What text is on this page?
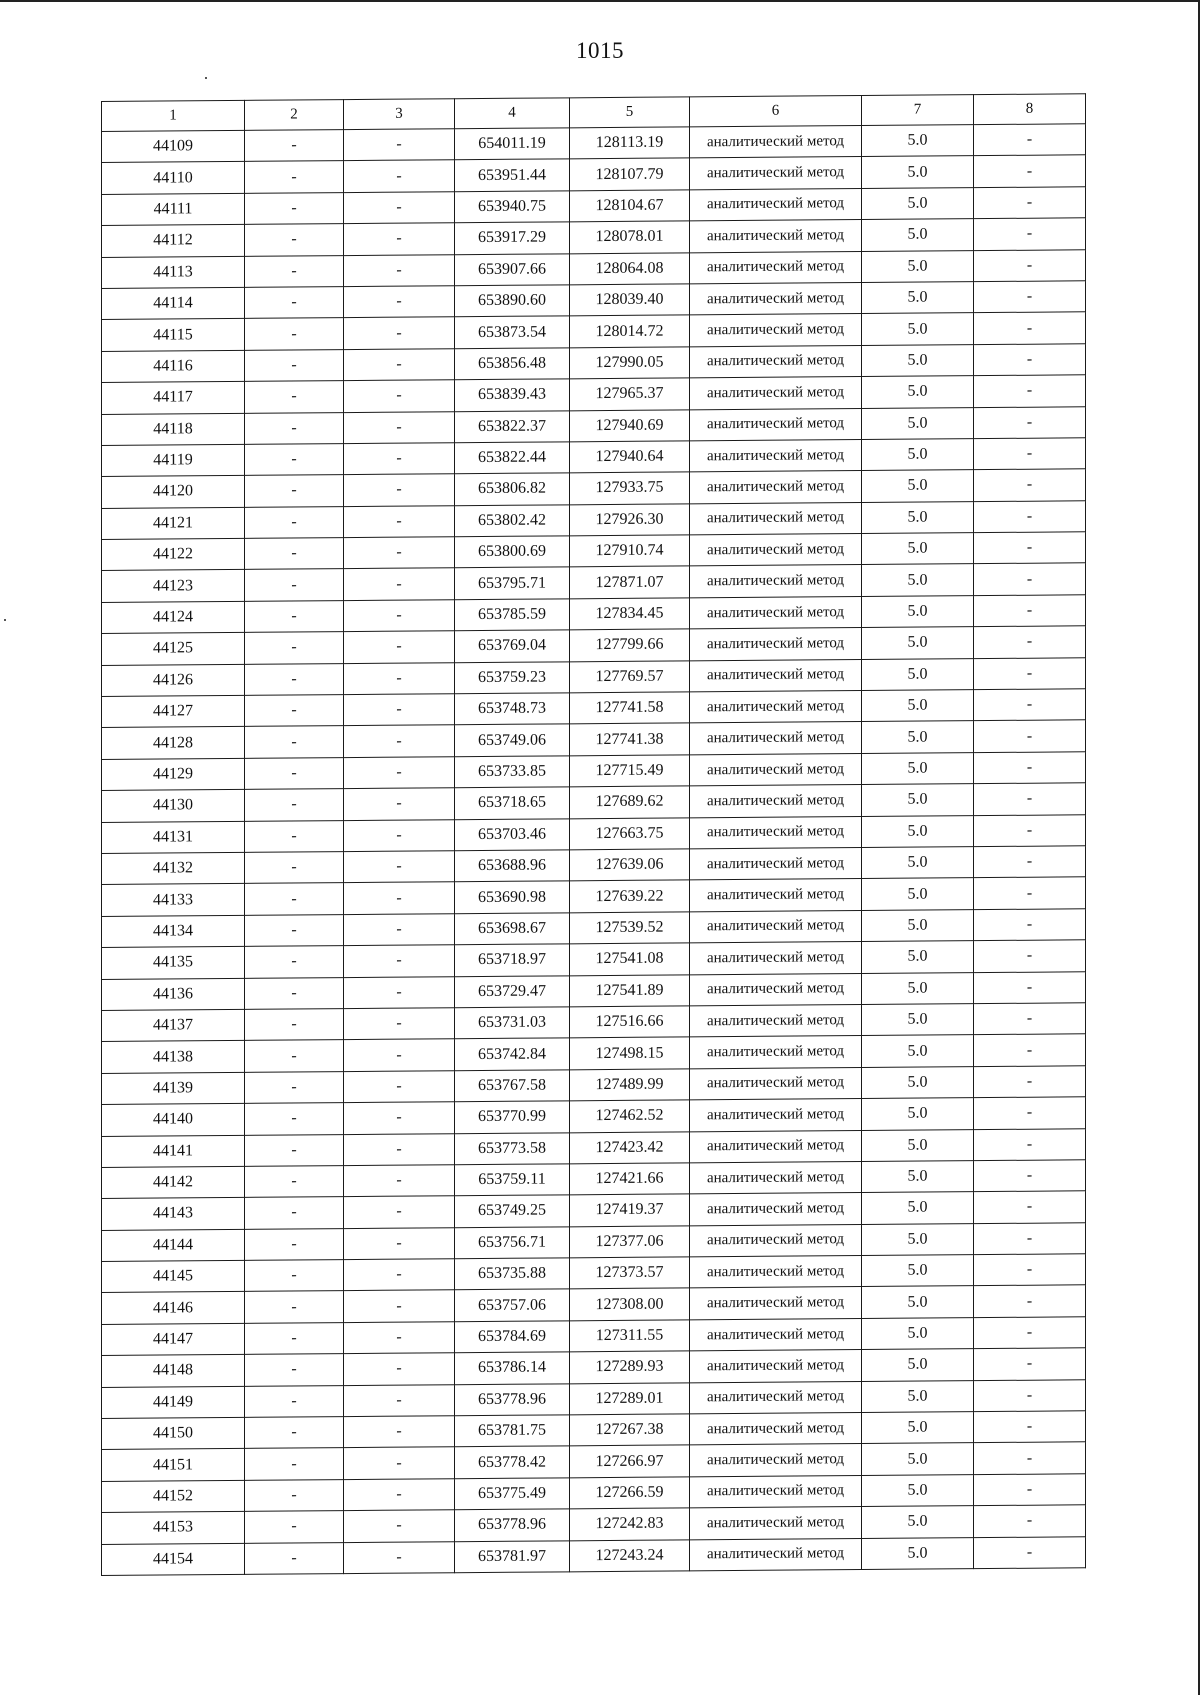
1015
1	2	3	4	5	6	7	8
44109	-	-	654011.19	128113.19	аналитический метод	5.0	-
44110	-	-	653951.44	128107.79	аналитический метод	5.0	-
44111	-	-	653940.75	128104.67	аналитический метод	5.0	-
44112	-	-	653917.29	128078.01	аналитический метод	5.0	-
44113	-	-	653907.66	128064.08	аналитический метод	5.0	-
44114	-	-	653890.60	128039.40	аналитический метод	5.0	-
44115	-	-	653873.54	128014.72	аналитический метод	5.0	-
44116	-	-	653856.48	127990.05	аналитический метод	5.0	-
44117	-	-	653839.43	127965.37	аналитический метод	5.0	-
44118	-	-	653822.37	127940.69	аналитический метод	5.0	-
44119	-	-	653822.44	127940.64	аналитический метод	5.0	-
44120	-	-	653806.82	127933.75	аналитический метод	5.0	-
44121	-	-	653802.42	127926.30	аналитический метод	5.0	-
44122	-	-	653800.69	127910.74	аналитический метод	5.0	-
44123	-	-	653795.71	127871.07	аналитический метод	5.0	-
44124	-	-	653785.59	127834.45	аналитический метод	5.0	-
44125	-	-	653769.04	127799.66	аналитический метод	5.0	-
44126	-	-	653759.23	127769.57	аналитический метод	5.0	-
44127	-	-	653748.73	127741.58	аналитический метод	5.0	-
44128	-	-	653749.06	127741.38	аналитический метод	5.0	-
44129	-	-	653733.85	127715.49	аналитический метод	5.0	-
44130	-	-	653718.65	127689.62	аналитический метод	5.0	-
44131	-	-	653703.46	127663.75	аналитический метод	5.0	-
44132	-	-	653688.96	127639.06	аналитический метод	5.0	-
44133	-	-	653690.98	127639.22	аналитический метод	5.0	-
44134	-	-	653698.67	127539.52	аналитический метод	5.0	-
44135	-	-	653718.97	127541.08	аналитический метод	5.0	-
44136	-	-	653729.47	127541.89	аналитический метод	5.0	-
44137	-	-	653731.03	127516.66	аналитический метод	5.0	-
44138	-	-	653742.84	127498.15	аналитический метод	5.0	-
44139	-	-	653767.58	127489.99	аналитический метод	5.0	-
44140	-	-	653770.99	127462.52	аналитический метод	5.0	-
44141	-	-	653773.58	127423.42	аналитический метод	5.0	-
44142	-	-	653759.11	127421.66	аналитический метод	5.0	-
44143	-	-	653749.25	127419.37	аналитический метод	5.0	-
44144	-	-	653756.71	127377.06	аналитический метод	5.0	-
44145	-	-	653735.88	127373.57	аналитический метод	5.0	-
44146	-	-	653757.06	127308.00	аналитический метод	5.0	-
44147	-	-	653784.69	127311.55	аналитический метод	5.0	-
44148	-	-	653786.14	127289.93	аналитический метод	5.0	-
44149	-	-	653778.96	127289.01	аналитический метод	5.0	-
44150	-	-	653781.75	127267.38	аналитический метод	5.0	-
44151	-	-	653778.42	127266.97	аналитический метод	5.0	-
44152	-	-	653775.49	127266.59	аналитический метод	5.0	-
44153	-	-	653778.96	127242.83	аналитический метод	5.0	-
44154	-	-	653781.97	127243.24	аналитический метод	5.0	-
